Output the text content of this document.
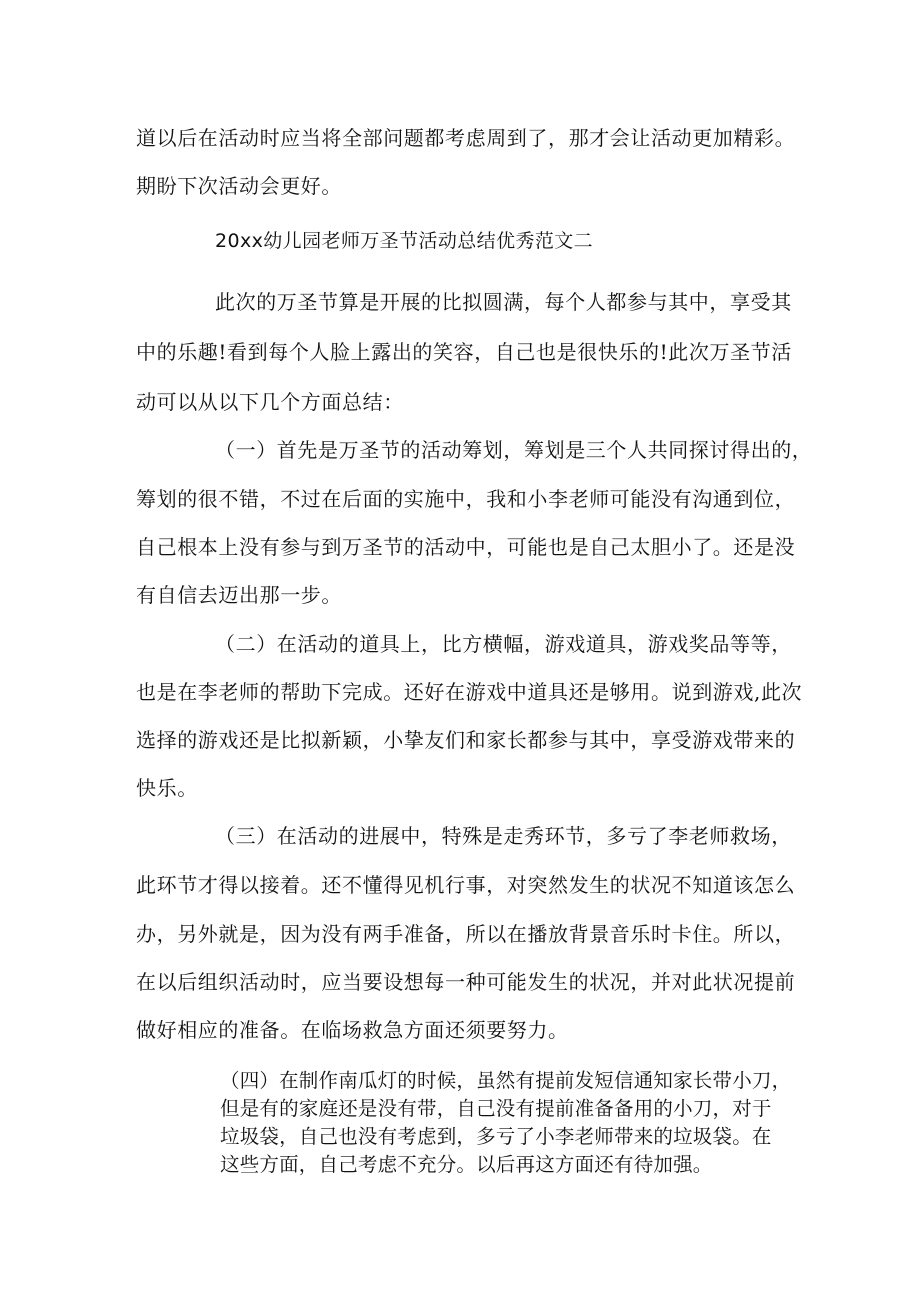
道以后在活动时应当将全部问题都考虑周到了，那才会让活动更加精彩。
期盼下次活动会更好。
20xx幼儿园老师万圣节活动总结优秀范文二
此次的万圣节算是开展的比拟圆满，每个人都参与其中，享受其
中的乐趣!看到每个人脸上露出的笑容，自己也是很快乐的!此次万圣节活
动可以从以下几个方面总结：
（一）首先是万圣节的活动筹划，筹划是三个人共同探讨得出的，
筹划的很不错，不过在后面的实施中，我和小李老师可能没有沟通到位，
自己根本上没有参与到万圣节的活动中，可能也是自己太胆小了。还是没
有自信去迈出那一步。
（二）在活动的道具上，比方横幅，游戏道具，游戏奖品等等，
也是在李老师的帮助下完成。还好在游戏中道具还是够用。说到游戏,此次
选择的游戏还是比拟新颖，小挚友们和家长都参与其中，享受游戏带来的
快乐。
（三）在活动的进展中，特殊是走秀环节，多亏了李老师救场，
此环节才得以接着。还不懂得见机行事，对突然发生的状况不知道该怎么
办，另外就是，因为没有两手准备，所以在播放背景音乐时卡住。所以，
在以后组织活动时，应当要设想每一种可能发生的状况，并对此状况提前
做好相应的准备。在临场救急方面还须要努力。
（四）在制作南瓜灯的时候，虽然有提前发短信通知家长带小刀，
但是有的家庭还是没有带，自己没有提前准备备用的小刀，对于
垃圾袋，自己也没有考虑到，多亏了小李老师带来的垃圾袋。在
这些方面，自己考虑不充分。以后再这方面还有待加强。
